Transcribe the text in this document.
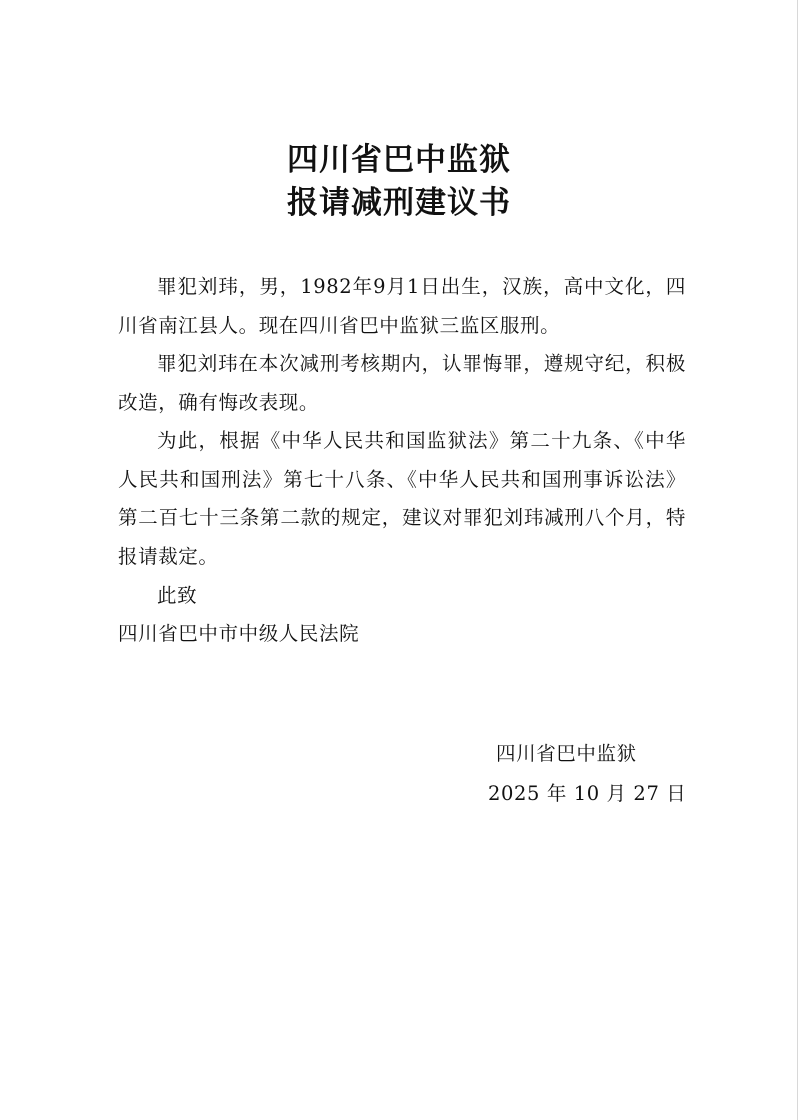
四川省巴中监狱
报请减刑建议书
罪犯刘玮，男，1982年9月1日出生，汉族，高中文化，四川省南江县人。现在四川省巴中监狱三监区服刑。
罪犯刘玮在本次减刑考核期内，认罪悔罪，遵规守纪，积极改造，确有悔改表现。
为此，根据《中华人民共和国监狱法》第二十九条、《中华人民共和国刑法》第七十八条、《中华人民共和国刑事诉讼法》第二百七十三条第二款的规定，建议对罪犯刘玮减刑八个月，特报请裁定。
此致
四川省巴中市中级人民法院
四川省巴中监狱
2025 年 10 月 27 日
